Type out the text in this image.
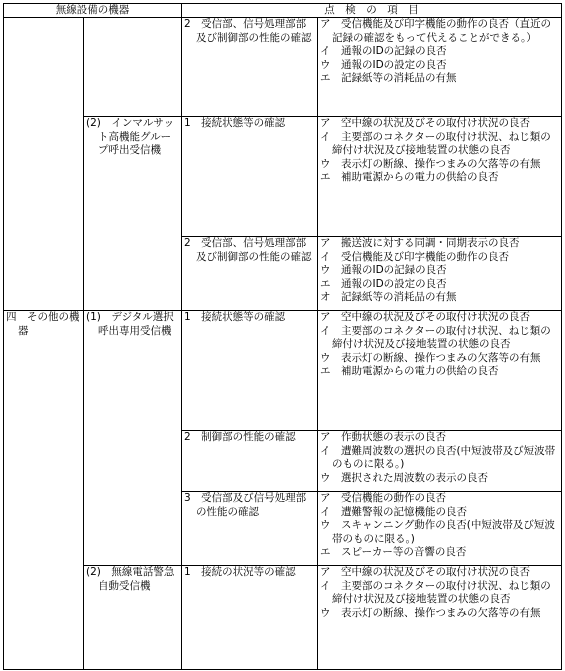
無線設備の機器		点　検　の　項　目	

		2　受信部、信号処理部部及び制御部の性能の確認	ア　受信機能及び印字機能の動作の良否（直近の記録の確認をもって代えることができる。）
イ　通報のIDの記録の良否
ウ　通報のIDの設定の良否
エ　記録紙等の消耗品の有無

	(2)　インマルサット高機能グループ呼出受信機	1　接続状態等の確認	ア　空中線の状況及びその取付け状況の良否
イ　主要部のコネクターの取付け状況、ねじ類の締付け状況及び接地装置の状態の良否
ウ　表示灯の断線、操作つまみの欠落等の有無
エ　補助電源からの電力の供給の良否

		2　受信部、信号処理部部及び制御部の性能の確認	ア　搬送波に対する同調・同期表示の良否
イ　受信機能及び印字機能の動作の良否
ウ　通報のIDの記録の良否
エ　通報のIDの設定の良否
オ　記録紙等の消耗品の有無

四　その他の機器	(1)　デジタル選択呼出専用受信機	1　接続状態等の確認	ア　空中線の状況及びその取付け状況の良否
イ　主要部のコネクターの取付け状況、ねじ類の締付け状況及び接地装置の状態の良否
ウ　表示灯の断線、操作つまみの欠落等の有無
エ　補助電源からの電力の供給の良否

		2　制御部の性能の確認	ア　作動状態の表示の良否
イ　遭難周波数の選択の良否(中短波帯及び短波帯のものに限る。)
ウ　選択された周波数の表示の良否

		3　受信部及び信号処理部の性能の確認	ア　受信機能の動作の良否
イ　遭難警報の記憶機能の良否
ウ　スキャンニング動作の良否(中短波帯及び短波帯のものに限る。)
エ　スピーカー等の音響の良否

	(2)　無線電話警急自動受信機	1　接続の状況等の確認	ア　空中線の状況及びその取付け状況の良否
イ　主要部のコネクターの取付け状況、ねじ類の締付け状況及び接地装置の状態の良否
ウ　表示灯の断線、操作つまみの欠落等の有無
